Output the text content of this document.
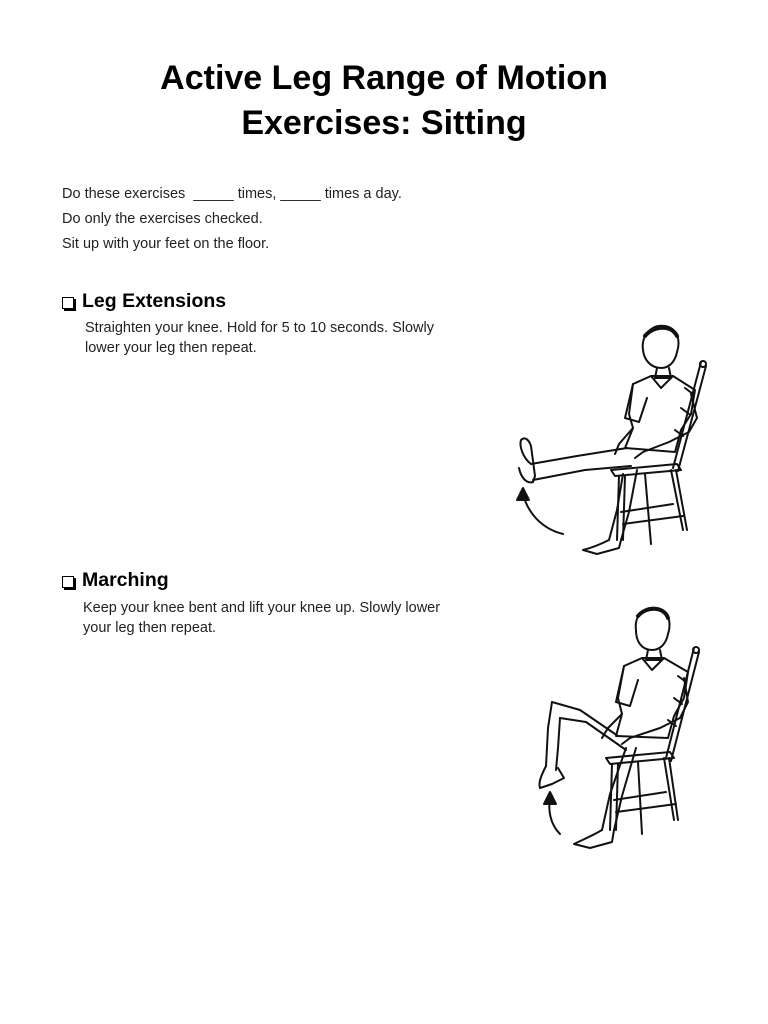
Active Leg Range of Motion
Exercises: Sitting
Do these exercises  _____ times, _____ times a day.
Do only the exercises checked.
Sit up with your feet on the floor.
Leg Extensions
Straighten your knee. Hold for 5 to 10 seconds. Slowly lower your leg then repeat.
Marching
Keep your knee bent and lift your knee up. Slowly lower your leg then repeat.
